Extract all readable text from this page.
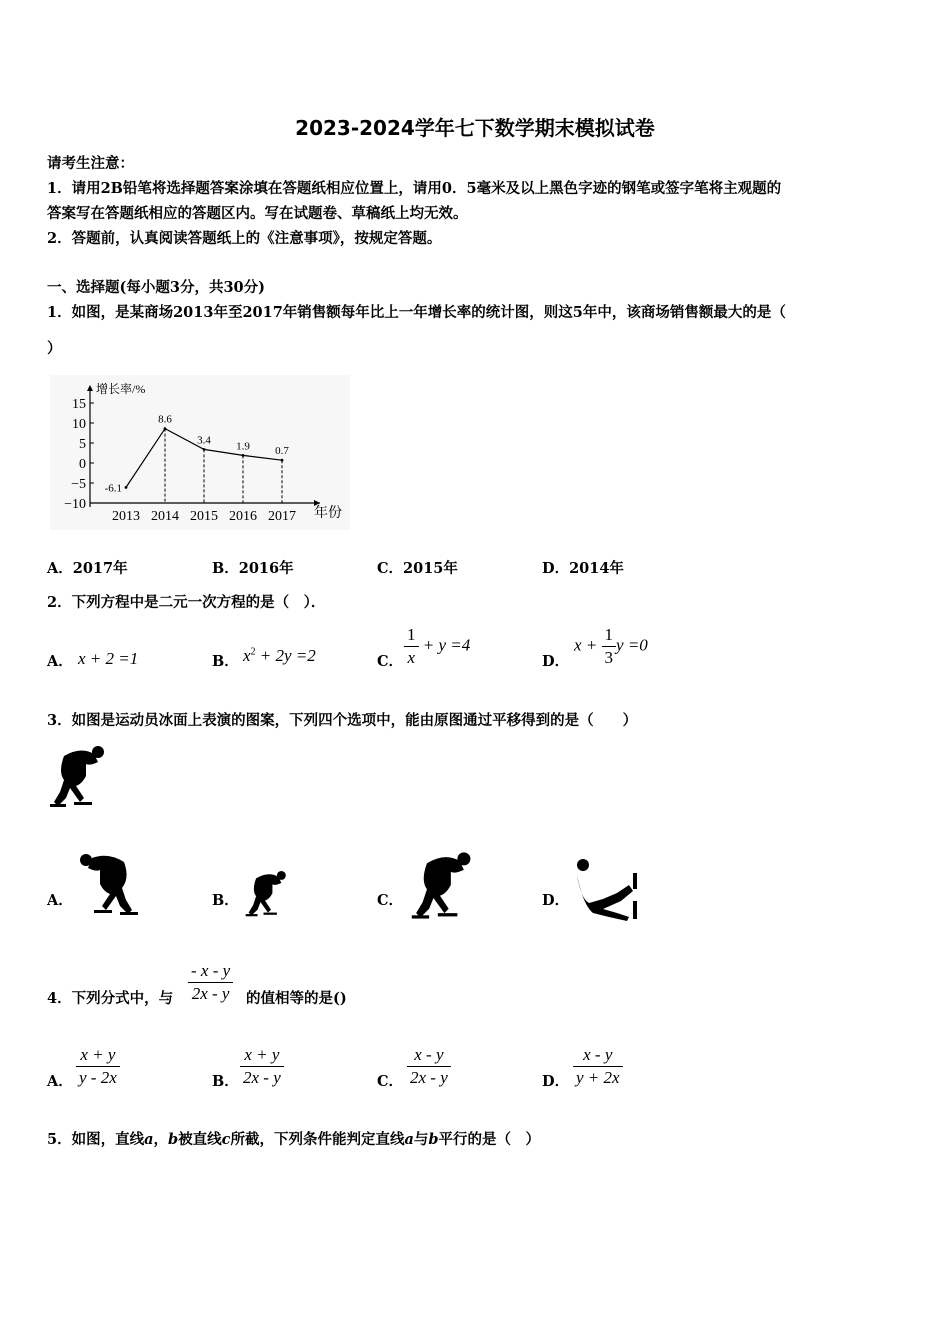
2023-2024学年七下数学期末模拟试卷
请考生注意：
1．请用2B铅笔将选择题答案涂填在答题纸相应位置上，请用0．5毫米及以上黑色字迹的钢笔或签字笔将主观题的
答案写在答题纸相应的答题区内。写在试题卷、草稿纸上均无效。
2．答题前，认真阅读答题纸上的《注意事项》，按规定答题。
一、选择题(每小题3分，共30分)
1．如图，是某商场2013年至2017年销售额每年比上一年增长率的统计图，则这5年中，该商场销售额最大的是（
）
增长率/%
15
10
5
0
−5
−10
2013 2014 2015 2016 2017 年份
-6.1
8.6
3.4 1.9 0.7
A．2017年	B．2016年	C．2015年	D．2014年
2．下列方程中是二元一次方程的是（　）．
A． x + 2 =1	B． $x^2 + 2y =2$	C． $\frac{1}{x} + y =4$
D．
$x + \frac{1}{3}$ y =0
3．如图是运动员冰面上表演的图案，下列四个选项中，能由原图通过平移得到的是（　　）
A．	B．	C．	D．
4．下列分式中，与 $\frac{- x - y}{2x - y}$ 的值相等的是()
A． $\frac{x + y}{y - 2x}$	B． $\frac{x + y}{2x - y}$	C． $\frac{x - y}{2x - y}$	D． $\frac{x - y}{y + 2x}$
5．如图，直线a，b被直线c所截，下列条件能判定直线a与b平行的是（　）
